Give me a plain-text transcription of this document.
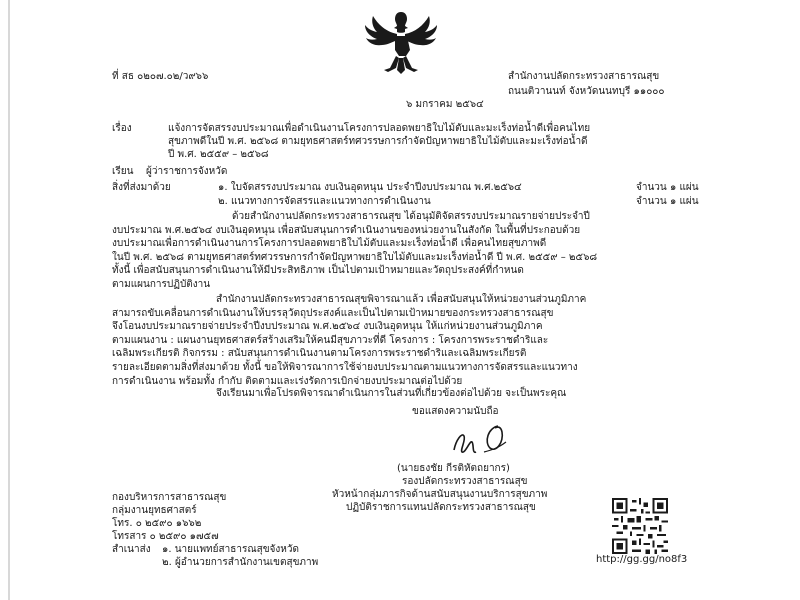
ที่ สธ ๐๒๐๗.๐๒/ว๙๖๖	สำนักงานปลัดกระทรวงสาธารณสุข
ถนนติวานนท์ จังหวัดนนทบุรี ๑๑๐๐๐
๖ มกราคม ๒๕๖๔
เรื่อง	แจ้งการจัดสรรงบประมาณเพื่อดำเนินงานโครงการปลอดพยาธิใบไม้ตับและมะเร็งท่อน้ำดีเพื่อคนไทย
สุขภาพดีในปี พ.ศ. ๒๕๖๘ ตามยุทธศาสตร์ทศวรรษการกำจัดปัญหาพยาธิใบไม้ตับและมะเร็งท่อน้ำดี
ปี พ.ศ. ๒๕๕๙ – ๒๕๖๘
เรียน ผู้ว่าราชการจังหวัด
สิ่งที่ส่งมาด้วย	๑. ใบจัดสรรงบประมาณ งบเงินอุดหนุน ประจำปีงบประมาณ พ.ศ.๒๕๖๔	จำนวน ๑ แผ่น
๒. แนวทางการจัดสรรและแนวทางการดำเนินงาน	จำนวน ๑ แผ่น
ด้วยสำนักงานปลัดกระทรวงสาธารณสุข ได้อนุมัติจัดสรรงบประมาณรายจ่ายประจำปี
งบประมาณ พ.ศ.๒๕๖๔ งบเงินอุดหนุน เพื่อสนับสนุนการดำเนินงานของหน่วยงานในสังกัด ในพื้นที่ประกอบด้วย
งบประมาณเพื่อการดำเนินงานการโครงการปลอดพยาธิใบไม้ตับและมะเร็งท่อน้ำดี เพื่อคนไทยสุขภาพดี
ในปี พ.ศ. ๒๕๖๘ ตามยุทธศาสตร์ทศวรรษการกำจัดปัญหาพยาธิใบไม้ตับและมะเร็งท่อน้ำดี ปี พ.ศ. ๒๕๕๙ – ๒๕๖๘
ทั้งนี้ เพื่อสนับสนุนการดำเนินงานให้มีประสิทธิภาพ เป็นไปตามเป้าหมายและวัตถุประสงค์ที่กำหนด
ตามแผนการปฏิบัติงาน
สำนักงานปลัดกระทรวงสาธารณสุขพิจารณาแล้ว เพื่อสนับสนุนให้หน่วยงานส่วนภูมิภาค
สามารถขับเคลื่อนการดำเนินงานให้บรรลุวัตถุประสงค์และเป็นไปตามเป้าหมายของกระทรวงสาธารณสุข
จึงโอนงบประมาณรายจ่ายประจำปีงบประมาณ พ.ศ.๒๕๖๔ งบเงินอุดหนุน ให้แก่หน่วยงานส่วนภูมิภาค
ตามแผนงาน : แผนงานยุทธศาสตร์สร้างเสริมให้คนมีสุขภาวะที่ดี โครงการ : โครงการพระราชดำริและ
เฉลิมพระเกียรติ กิจกรรม : สนับสนุนการดำเนินงานตามโครงการพระราชดำริและเฉลิมพระเกียรติ
รายละเอียดตามสิ่งที่ส่งมาด้วย ทั้งนี้ ขอให้พิจารณาการใช้จ่ายงบประมาณตามแนวทางการจัดสรรและแนวทาง
การดำเนินงาน พร้อมทั้ง กำกับ ติดตามและเร่งรัดการเบิกจ่ายงบประมาณต่อไปด้วย
จึงเรียนมาเพื่อโปรดพิจารณาดำเนินการในส่วนที่เกี่ยวข้องต่อไปด้วย จะเป็นพระคุณ
ขอแสดงความนับถือ
(นายธงชัย กีรติหัตถยากร)
รองปลัดกระทรวงสาธารณสุข
หัวหน้ากลุ่มภารกิจด้านสนับสนุนงานบริการสุขภาพ
ปฏิบัติราชการแทนปลัดกระทรวงสาธารณสุข
กองบริหารการสาธารณสุข
กลุ่มงานยุทธศาสตร์
โทร. ๐ ๒๕๙๐ ๑๖๖๒
โทรสาร ๐ ๒๕๙๐ ๑๗๕๗
สำเนาส่ง ๑. นายแพทย์สาธารณสุขจังหวัด
๒. ผู้อำนวยการสำนักงานเขตสุขภาพ	http://gg.gg/no8f3
